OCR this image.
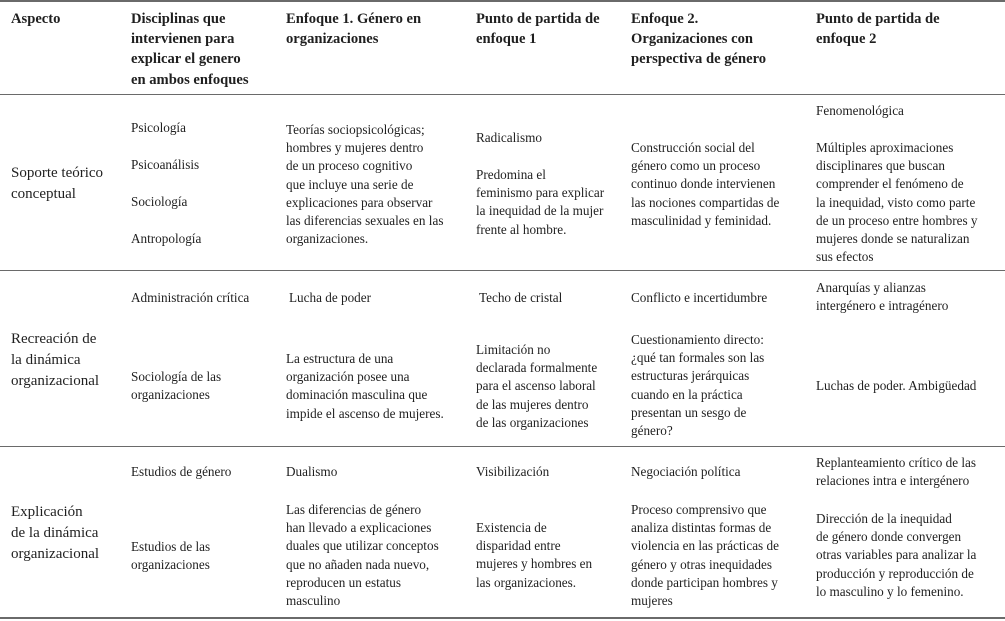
Aspecto	Disciplinas que
intervienen para
explicar el genero
en ambos enfoques
Enfoque 1. Género en
organizaciones
Punto de partida de
enfoque 1
Enfoque 2.
Organizaciones con
perspectiva de género
Punto de partida de
enfoque 2
Soporte teórico
conceptual
Psicología
Psicoanálisis
Sociología
Antropología
Teorías sociopsicológicas;
hombres y mujeres dentro
de un proceso cognitivo
que incluye una serie de
explicaciones para observar
las diferencias sexuales en las
organizaciones.
Radicalismo
Predomina el
feminismo para explicar
la inequidad de la mujer
frente al hombre.
Construcción social del
género como un proceso
continuo donde intervienen
las nociones compartidas de
masculinidad y feminidad.
Fenomenológica
Múltiples aproximaciones
disciplinares que buscan
comprender el fenómeno de
la inequidad, visto como parte
de un proceso entre hombres y
mujeres donde se naturalizan
sus efectos
Recreación de
la dinámica
organizacional
Administración crítica
Sociología de las
organizaciones
Lucha de poder
La estructura de una
organización posee una
dominación masculina que
impide el ascenso de mujeres.
Techo de cristal
Limitación no
declarada formalmente
para el ascenso laboral
de las mujeres dentro
de las organizaciones
Conflicto e incertidumbre
Cuestionamiento directo:
¿qué tan formales son las
estructuras jerárquicas
cuando en la práctica
presentan un sesgo de
género?
Anarquías y alianzas
intergénero e intragénero
Luchas de poder. Ambigüedad
Explicación
de la dinámica
organizacional
Estudios de género
Estudios de las
organizaciones
Dualismo
Las diferencias de género
han llevado a explicaciones
duales que utilizar conceptos
que no añaden nada nuevo,
reproducen un estatus
masculino
Visibilización
Existencia de
disparidad entre
mujeres y hombres en
las organizaciones.
Negociación política
Proceso comprensivo que
analiza distintas formas de
violencia en las prácticas de
género y otras inequidades
donde participan hombres y
mujeres
Replanteamiento crítico de las
relaciones intra e intergénero
Dirección de la inequidad
de género donde convergen
otras variables para analizar la
producción y reproducción de
lo masculino y lo femenino.
